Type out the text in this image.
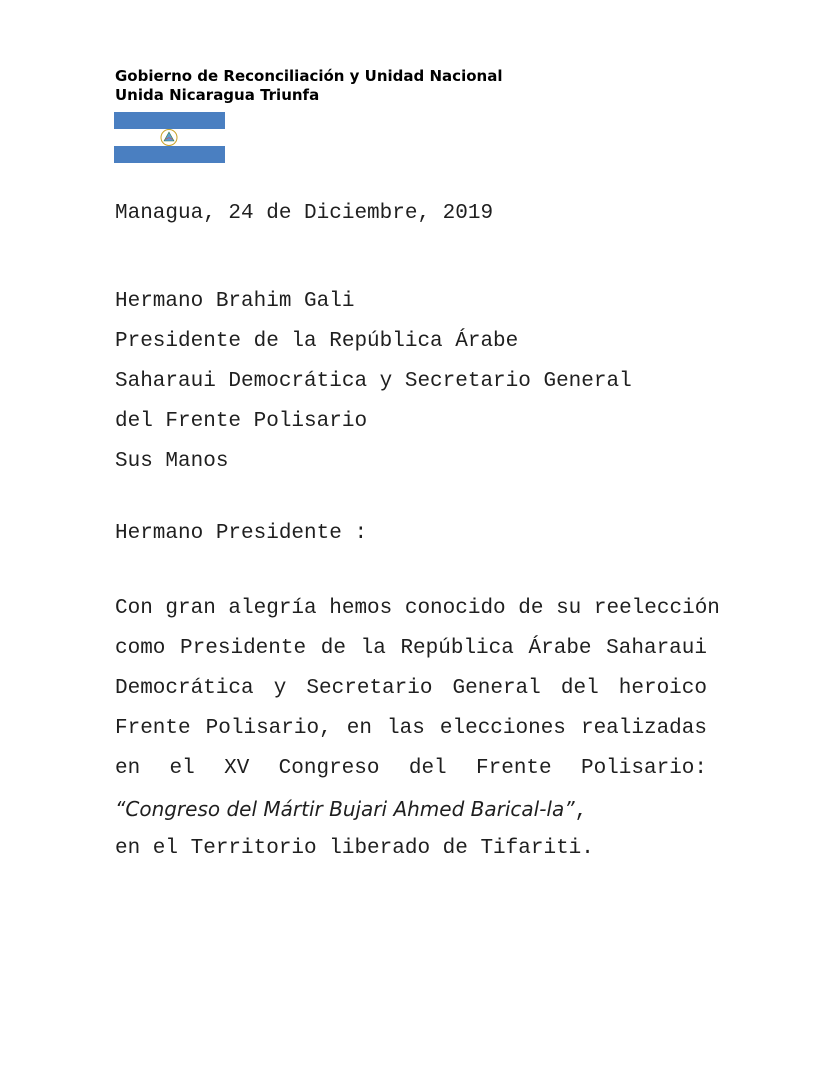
Gobierno de Reconciliación y Unidad Nacional
Unida Nicaragua Triunfa

Managua, 24 de Diciembre, 2019

Hermano Brahim Gali
Presidente de la República Árabe
Saharaui Democrática y Secretario General
del Frente Polisario
Sus Manos

Hermano Presidente :

Con gran alegría hemos conocido de su reelección
como Presidente de la República Árabe Saharaui
Democrática y Secretario General del heroico
Frente Polisario, en las elecciones realizadas
en el XV Congreso del Frente Polisario:
“Congreso del Mártir Bujari Ahmed Barical-la”,
en el Territorio liberado de Tifariti.
